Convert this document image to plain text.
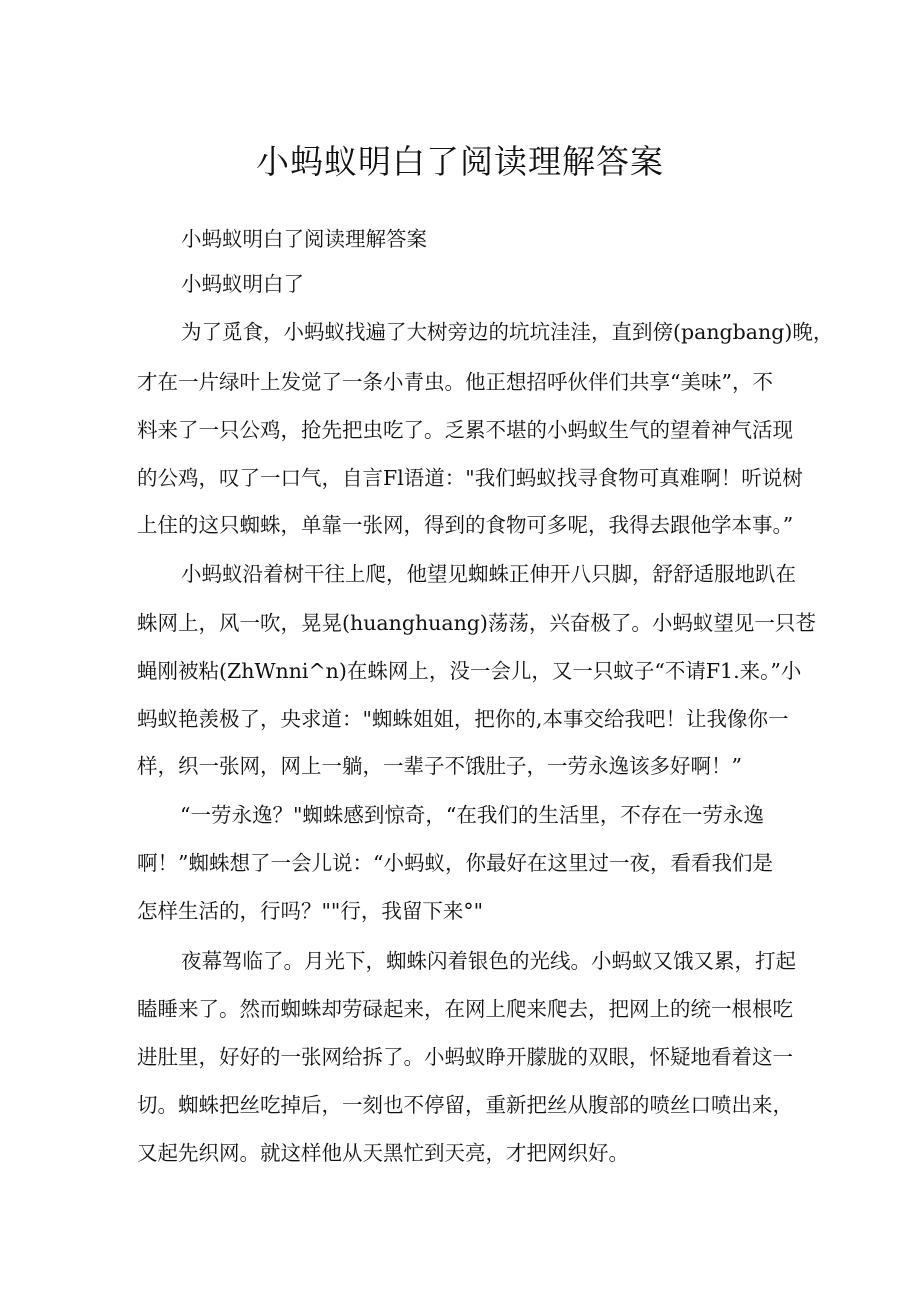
小蚂蚁明白了阅读理解答案

小蚂蚁明白了阅读理解答案

小蚂蚁明白了

为了觅食，小蚂蚁找遍了大树旁边的坑坑洼洼，直到傍(pangbang)晚，

才在一片绿叶上发觉了一条小青虫。他正想招呼伙伴们共享“美味”，不

料来了一只公鸡，抢先把虫吃了。乏累不堪的小蚂蚁生气的望着神气活现

的公鸡，叹了一口气，自言Fl语道："我们蚂蚁找寻食物可真难啊！听说树

上住的这只蜘蛛，单靠一张网，得到的食物可多呢，我得去跟他学本事。”

小蚂蚁沿着树干往上爬，他望见蜘蛛正伸开八只脚，舒舒适服地趴在

蛛网上，风一吹，晃晃(huanghuang)荡荡，兴奋极了。小蚂蚁望见一只苍

蝇刚被粘(ZhWnni^n)在蛛网上，没一会儿，又一只蚊子“不请F1.来。”小

蚂蚁艳羡极了，央求道："蜘蛛姐姐，把你的,本事交给我吧！让我像你一

样，织一张网，网上一躺，一辈子不饿肚子，一劳永逸该多好啊！”

“一劳永逸？"蜘蛛感到惊奇，“在我们的生活里，不存在一劳永逸

啊！”蜘蛛想了一会儿说：“小蚂蚁，你最好在这里过一夜，看看我们是

怎样生活的，行吗？""行，我留下来°"

夜幕驾临了。月光下，蜘蛛闪着银色的光线。小蚂蚁又饿又累，打起

瞌睡来了。然而蜘蛛却劳碌起来，在网上爬来爬去，把网上的统一根根吃

进肚里，好好的一张网给拆了。小蚂蚁睁开朦胧的双眼，怀疑地看着这一

切。蜘蛛把丝吃掉后，一刻也不停留，重新把丝从腹部的喷丝口喷出来，

又起先织网。就这样他从天黑忙到天亮，才把网织好。
